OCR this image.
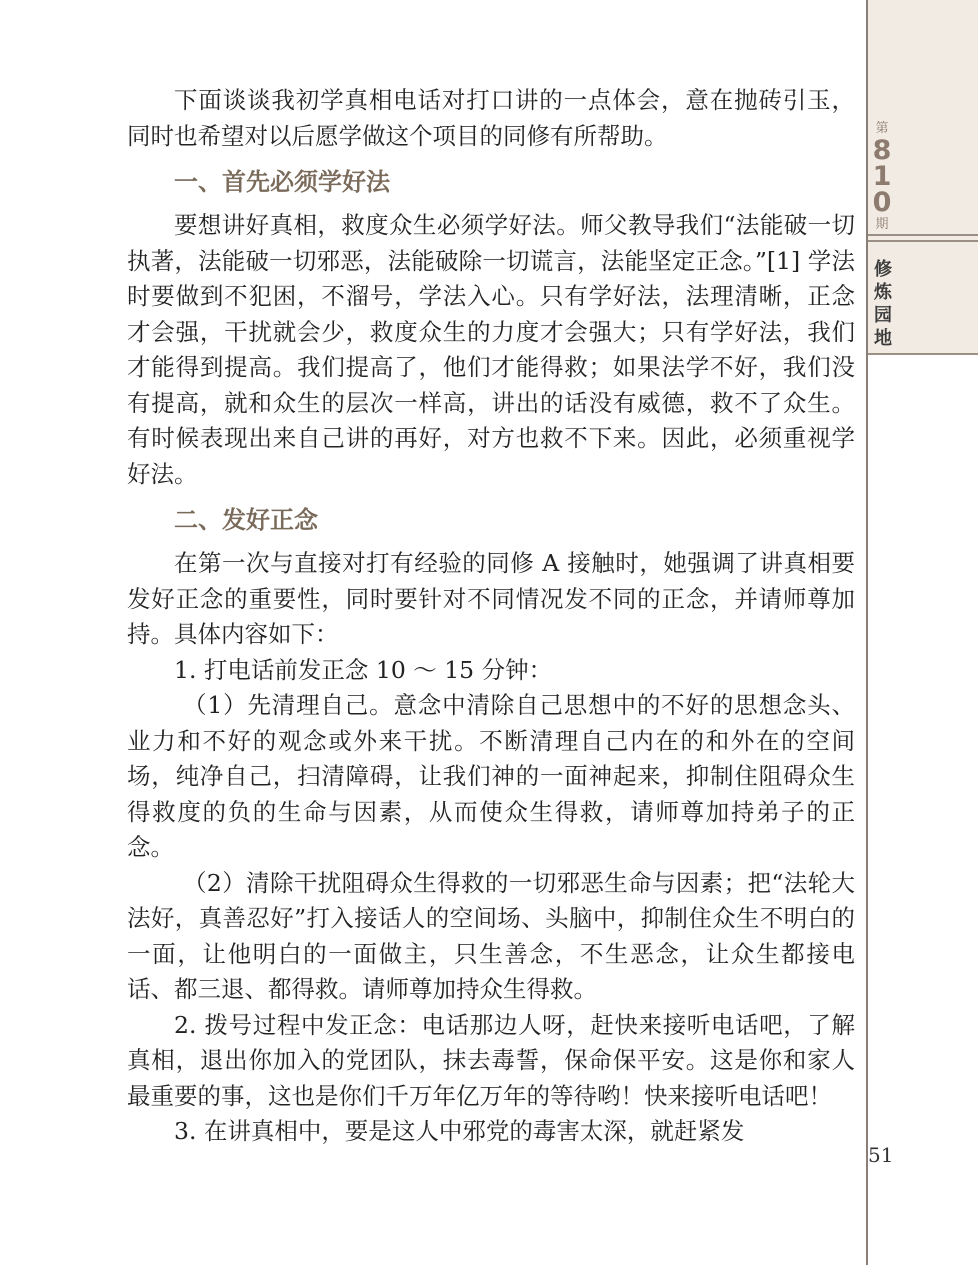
第
8
1
0
期
修
炼
园
地

下面谈谈我初学真相电话对打口讲的一点体会，意在抛砖引玉，同时也希望对以后愿学做这个项目的同修有所帮助。

一、首先必须学好法

要想讲好真相，救度众生必须学好法。师父教导我们“法能破一切执著，法能破一切邪恶，法能破除一切谎言，法能坚定正念。”[1] 学法时要做到不犯困，不溜号，学法入心。只有学好法，法理清晰，正念才会强，干扰就会少，救度众生的力度才会强大；只有学好法，我们才能得到提高。我们提高了，他们才能得救；如果法学不好，我们没有提高，就和众生的层次一样高，讲出的话没有威德，救不了众生。有时候表现出来自己讲的再好，对方也救不下来。因此，必须重视学好法。

二、发好正念

在第一次与直接对打有经验的同修 A 接触时，她强调了讲真相要发好正念的重要性，同时要针对不同情况发不同的正念，并请师尊加持。具体内容如下：

1. 打电话前发正念 10 ～ 15 分钟：

（1）先清理自己。意念中清除自己思想中的不好的思想念头、业力和不好的观念或外来干扰。不断清理自己内在的和外在的空间场，纯净自己，扫清障碍，让我们神的一面神起来，抑制住阻碍众生得救度的负的生命与因素，从而使众生得救，请师尊加持弟子的正念。

（2）清除干扰阻碍众生得救的一切邪恶生命与因素；把“法轮大法好，真善忍好”打入接话人的空间场、头脑中，抑制住众生不明白的一面，让他明白的一面做主，只生善念，不生恶念，让众生都接电话、都三退、都得救。请师尊加持众生得救。

2. 拨号过程中发正念：电话那边人呀，赶快来接听电话吧，了解真相，退出你加入的党团队，抹去毒誓，保命保平安。这是你和家人最重要的事，这也是你们千万年亿万年的等待哟！快来接听电话吧！

3. 在讲真相中，要是这人中邪党的毒害太深，就赶紧发

51
